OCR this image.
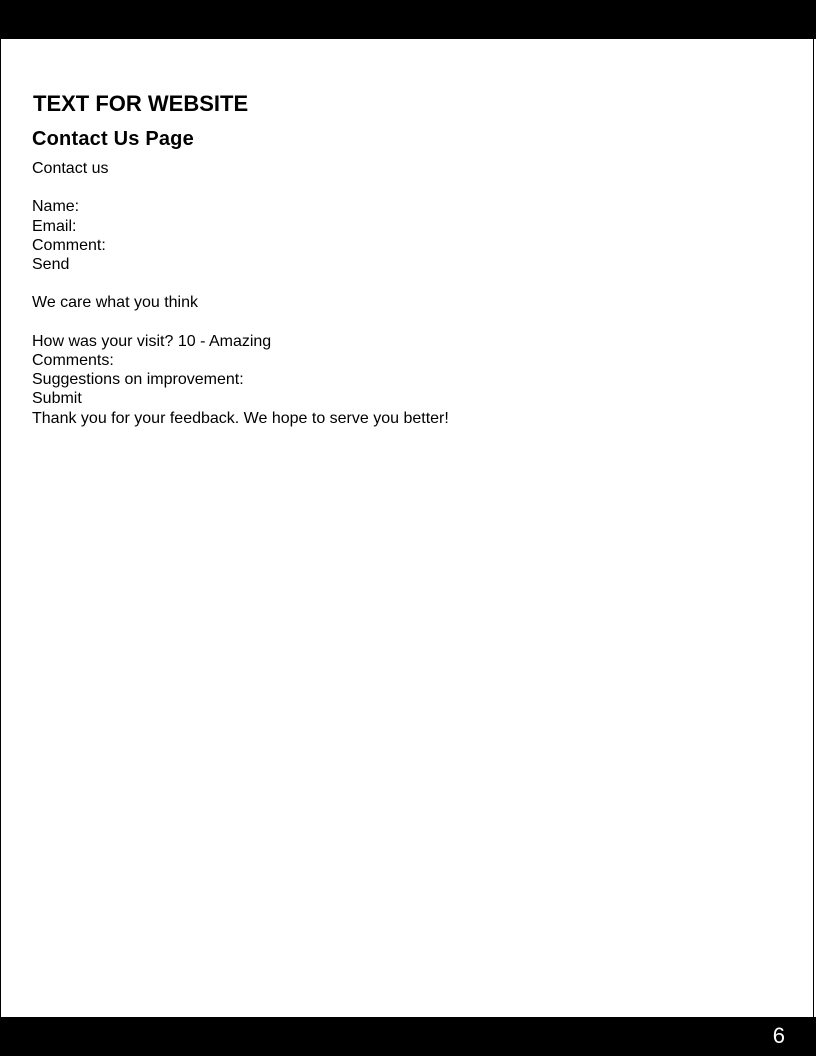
TEXT FOR WEBSITE
Contact Us Page

Contact us

Name:

Email:

Comment:

Send

We care what you think

How was your visit? 10 - Amazing

Comments:

Suggestions on improvement:

Submit

Thank you for your feedback. We hope to serve you better!

6
